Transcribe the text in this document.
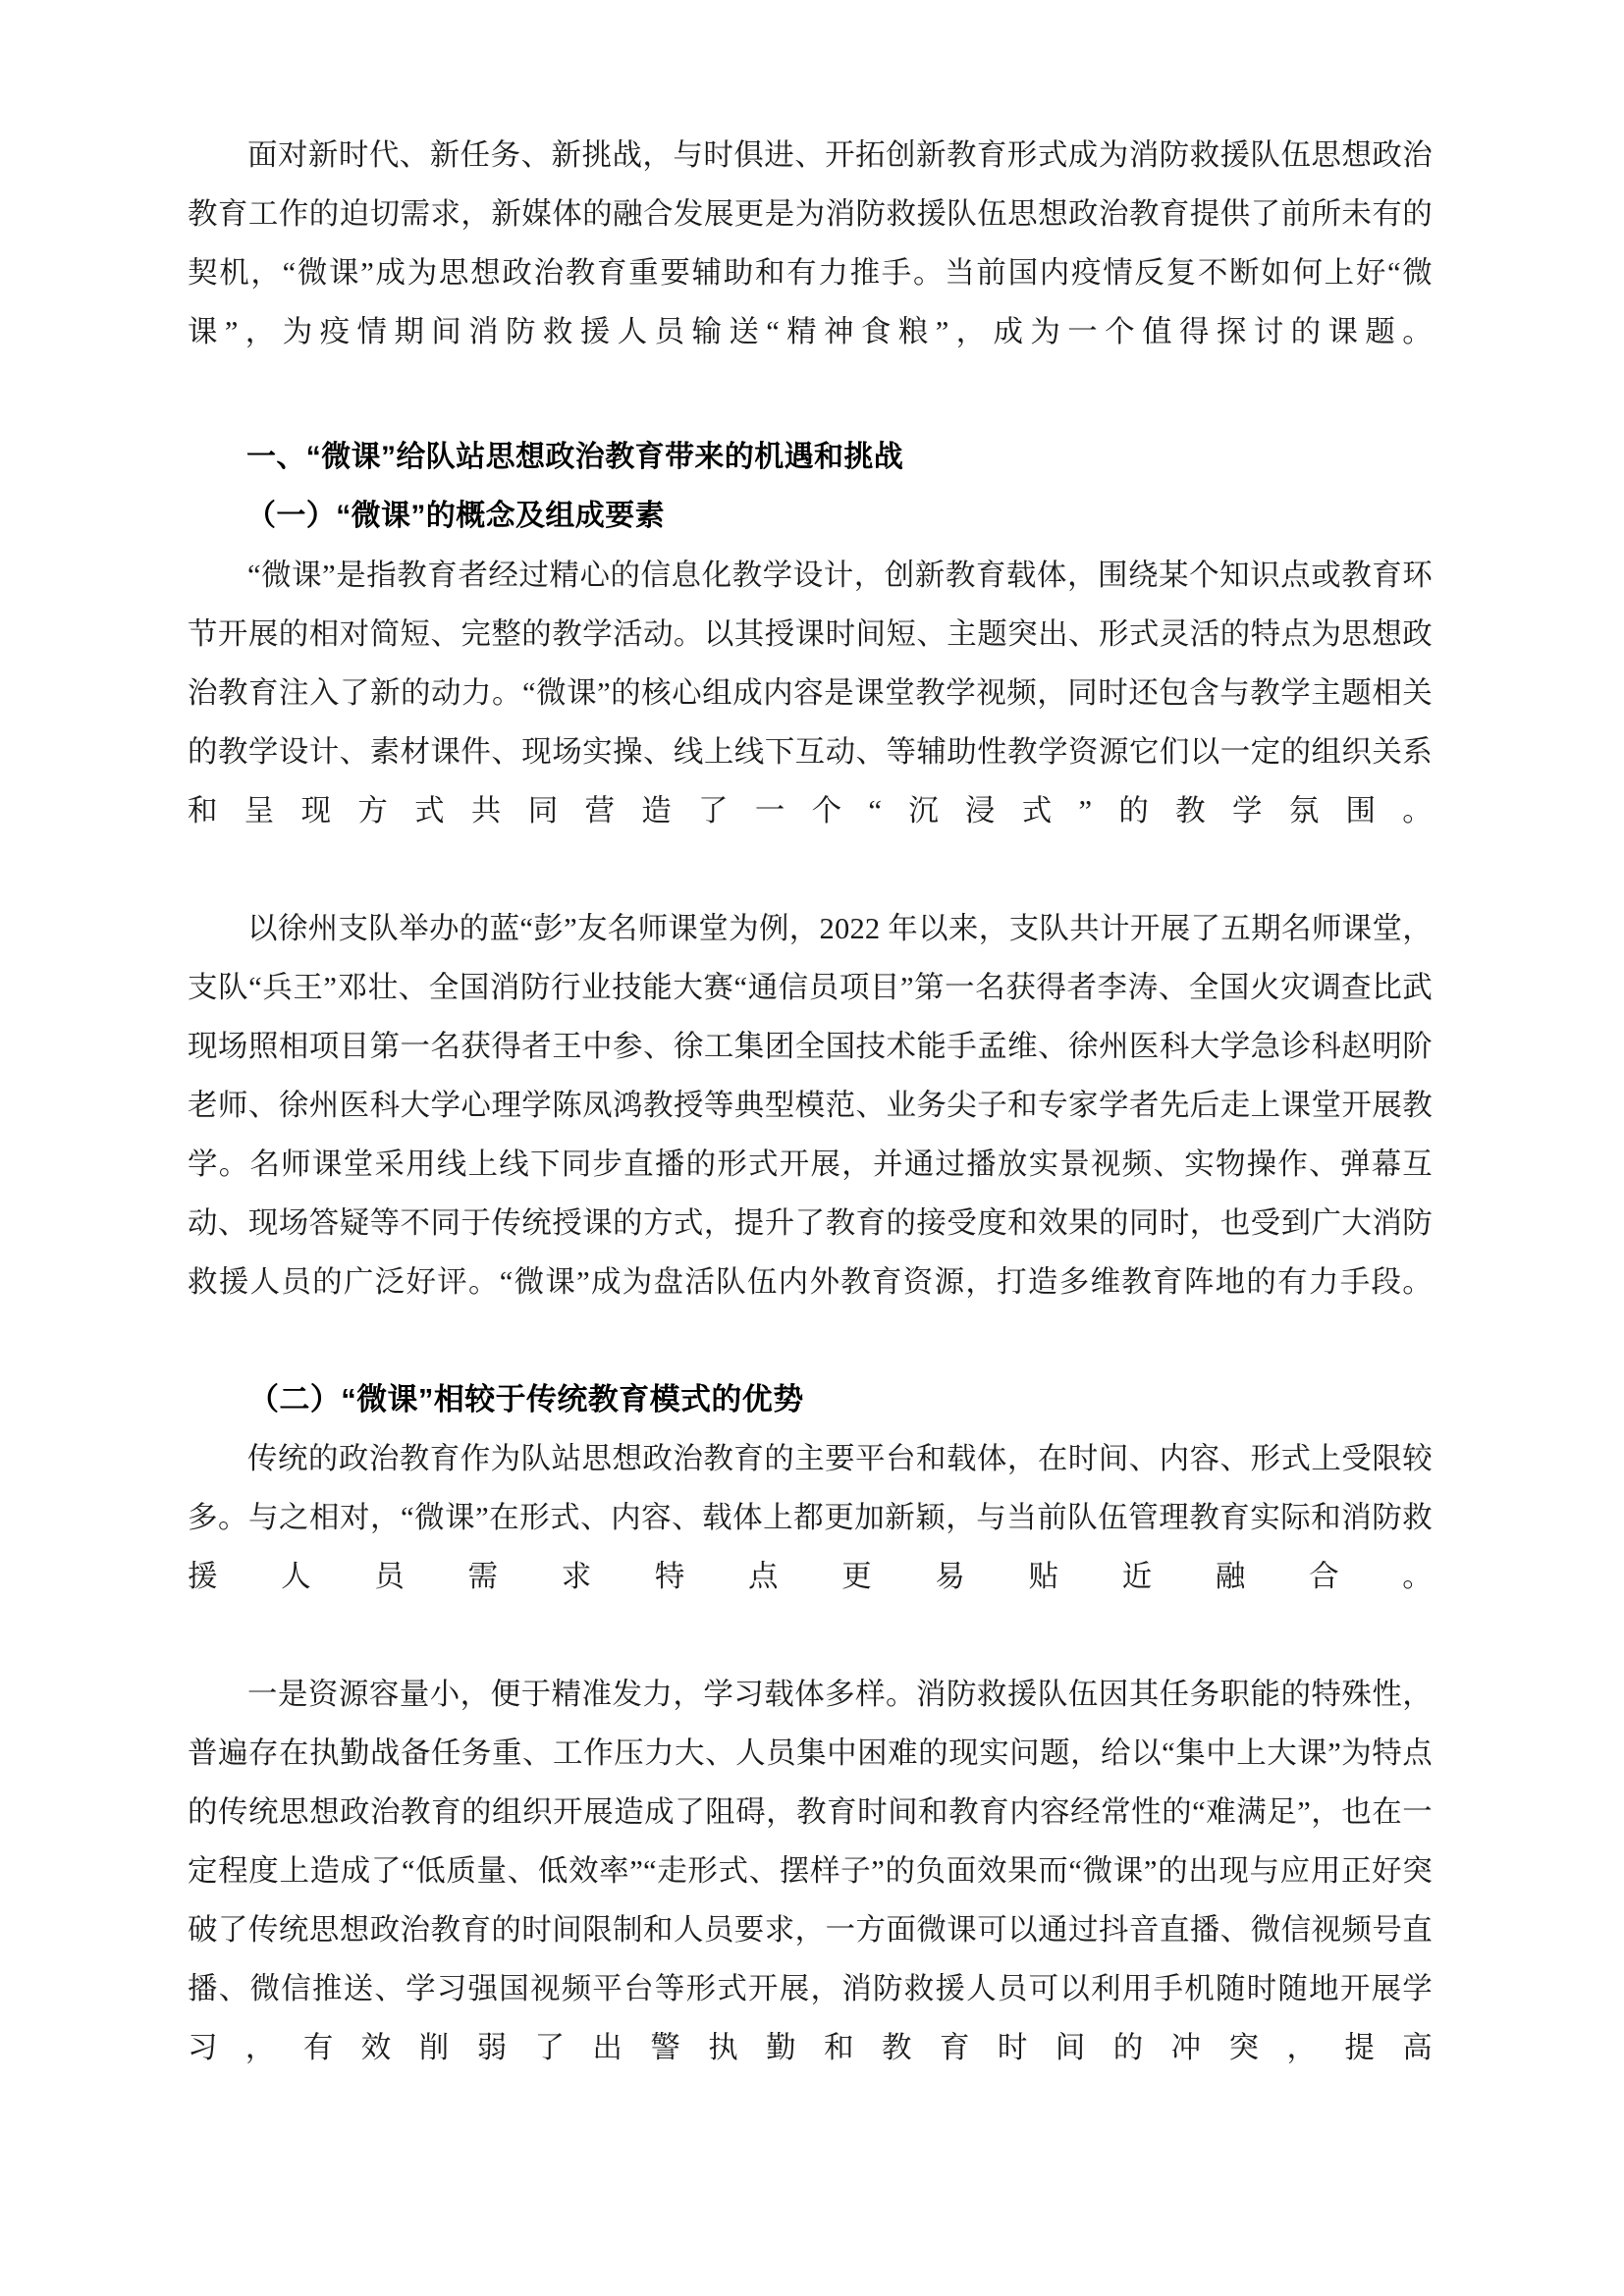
面对新时代、新任务、新挑战，与时俱进、开拓创新教育形式成为消防救援队伍思想政治教育工作的迫切需求，新媒体的融合发展更是为消防救援队伍思想政治教育提供了前所未有的契机，“微课”成为思想政治教育重要辅助和有力推手。当前国内疫情反复不断如何上好“微课”，为疫情期间消防救援人员输送“精神食粮”，成为一个值得探讨的课题。

一、“微课”给队站思想政治教育带来的机遇和挑战
（一）“微课”的概念及组成要素

“微课”是指教育者经过精心的信息化教学设计，创新教育载体，围绕某个知识点或教育环节开展的相对简短、完整的教学活动。以其授课时间短、主题突出、形式灵活的特点为思想政治教育注入了新的动力。“微课”的核心组成内容是课堂教学视频，同时还包含与教学主题相关的教学设计、素材课件、现场实操、线上线下互动、等辅助性教学资源它们以一定的组织关系和呈现方式共同营造了一个“沉浸式”的教学氛围。

以徐州支队举办的蓝“彭”友名师课堂为例，2022 年以来，支队共计开展了五期名师课堂，支队“兵王”邓壮、全国消防行业技能大赛“通信员项目”第一名获得者李涛、全国火灾调查比武现场照相项目第一名获得者王中参、徐工集团全国技术能手孟维、徐州医科大学急诊科赵明阶老师、徐州医科大学心理学陈凤鸿教授等典型模范、业务尖子和专家学者先后走上课堂开展教学。名师课堂采用线上线下同步直播的形式开展，并通过播放实景视频、实物操作、弹幕互动、现场答疑等不同于传统授课的方式，提升了教育的接受度和效果的同时，也受到广大消防救援人员的广泛好评。“微课”成为盘活队伍内外教育资源，打造多维教育阵地的有力手段。

（二）“微课”相较于传统教育模式的优势

传统的政治教育作为队站思想政治教育的主要平台和载体，在时间、内容、形式上受限较多。与之相对，“微课”在形式、内容、载体上都更加新颖，与当前队伍管理教育实际和消防救援人员需求特点更易贴近融合。

一是资源容量小，便于精准发力，学习载体多样。消防救援队伍因其任务职能的特殊性，普遍存在执勤战备任务重、工作压力大、人员集中困难的现实问题，给以“集中上大课”为特点的传统思想政治教育的组织开展造成了阻碍，教育时间和教育内容经常性的“难满足”，也在一定程度上造成了“低质量、低效率”“走形式、摆样子”的负面效果而“微课”的出现与应用正好突破了传统思想政治教育的时间限制和人员要求，一方面微课可以通过抖音直播、微信视频号直播、微信推送、学习强国视频平台等形式开展，消防救援人员可以利用手机随时随地开展学习，有效削弱了出警执勤和教育时间的冲突，提高
